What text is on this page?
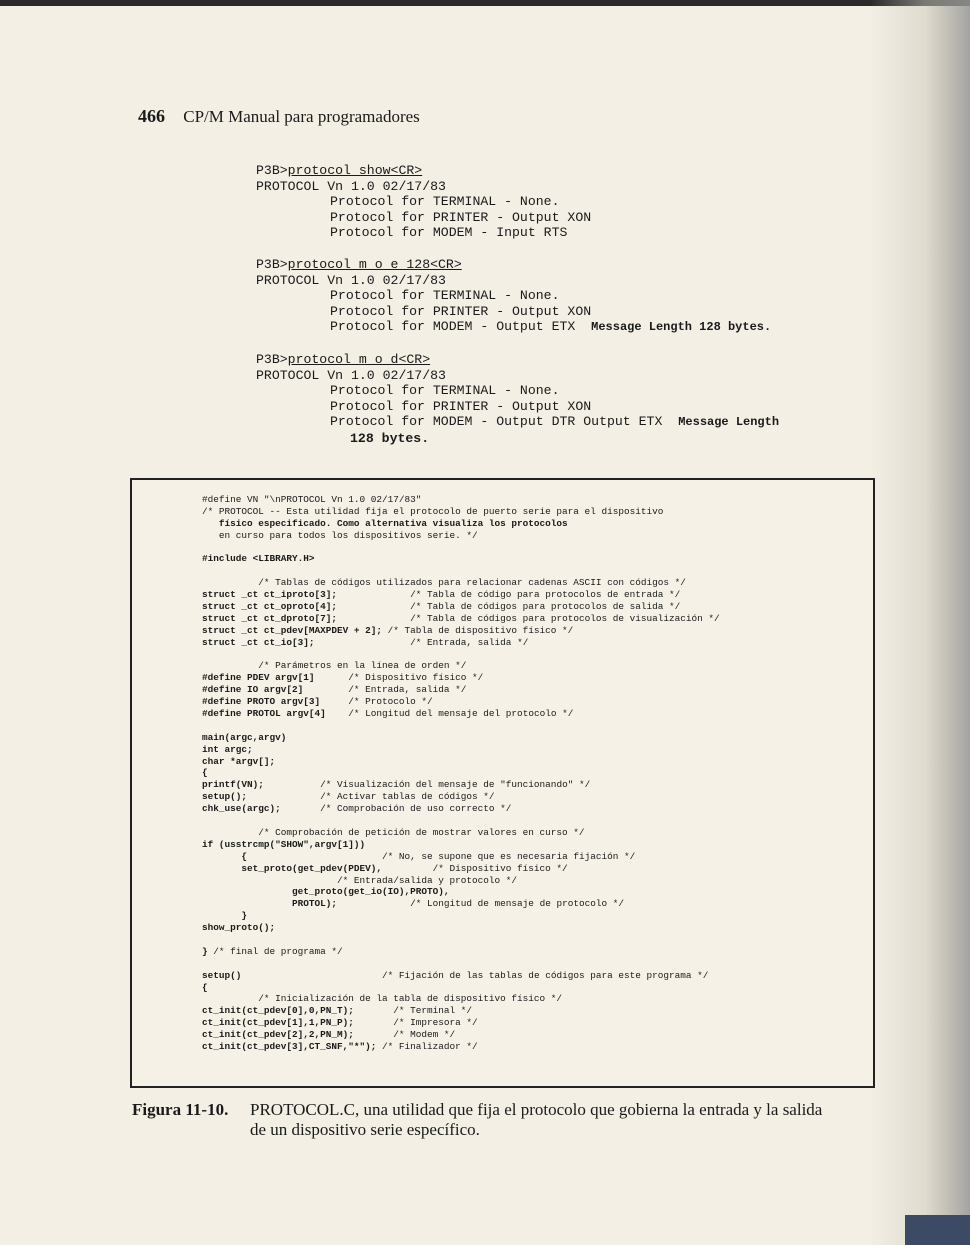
466 CP/M Manual para programadores
P3B>protocol show<CR>
PROTOCOL Vn 1.0 02/17/83
Protocol for TERMINAL - None.
Protocol for PRINTER - Output XON
Protocol for MODEM - Input RTS
P3B>protocol m o e 128<CR>
PROTOCOL Vn 1.0 02/17/83
Protocol for TERMINAL - None.
Protocol for PRINTER - Output XON
Protocol for MODEM - Output ETX Message Length 128 bytes.
P3B>protocol m o d<CR>
PROTOCOL Vn 1.0 02/17/83
Protocol for TERMINAL - None.
Protocol for PRINTER - Output XON
Protocol for MODEM - Output DTR Output ETX Message Length
128 bytes.
#define VN "\nPROTOCOL Vn 1.0 02/17/83"
/* PROTOCOL -- Esta utilidad fija el protocolo de puerto serie para el dispositivo
físico especificado. Como alternativa visualiza los protocolos
en curso para todos los dispositivos serie. */
#include <LIBRARY.H>
/* Tablas de códigos utilizados para relacionar cadenas ASCII con códigos */
struct _ct ct_iproto[3];             /* Tabla de código para protocolos de entrada */
struct _ct ct_oproto[4];             /* Tabla de códigos para protocolos de salida */
struct _ct ct_dproto[7];             /* Tabla de códigos para protocolos de visualización */
struct _ct ct_pdev[MAXPDEV + 2]; /* Tabla de dispositivo físico */
struct _ct ct_io[3];                 /* Entrada, salida */
/* Parámetros en la línea de orden */
#define PDEV argv[1]      /* Dispositivo físico */
#define IO argv[2]        /* Entrada, salida */
#define PROTO argv[3]     /* Protocolo */
#define PROTOL argv[4]    /* Longitud del mensaje del protocolo */
main(argc,argv)
int argc;
char *argv[];
{
printf(VN);          /* Visualización del mensaje de "funcionando" */
setup();             /* Activar tablas de códigos */
chk_use(argc);       /* Comprobación de uso correcto */
/* Comprobación de petición de mostrar valores en curso */
if (usstrcmp("SHOW",argv[1]))
{                        /* No, se supone que es necesaria fijación */
set_proto(get_pdev(PDEV),         /* Dispositivo físico */
/* Entrada/salida y protocolo */
get_proto(get_io(IO),PROTO),
PROTOL);             /* Longitud de mensaje de protocolo */
}
show_proto();
} /* final de programa */
setup()                         /* Fijación de las tablas de códigos para este programa */
{
/* Inicialización de la tabla de dispositivo físico */
ct_init(ct_pdev[0],0,PN_T);       /* Terminal */
ct_init(ct_pdev[1],1,PN_P);       /* Impresora */
ct_init(ct_pdev[2],2,PN_M);       /* Modem */
ct_init(ct_pdev[3],CT_SNF,"*"); /* Finalizador */
Figura 11-10. PROTOCOL.C, una utilidad que fija el protocolo que gobierna la entrada y la salida
de un dispositivo serie específico.
